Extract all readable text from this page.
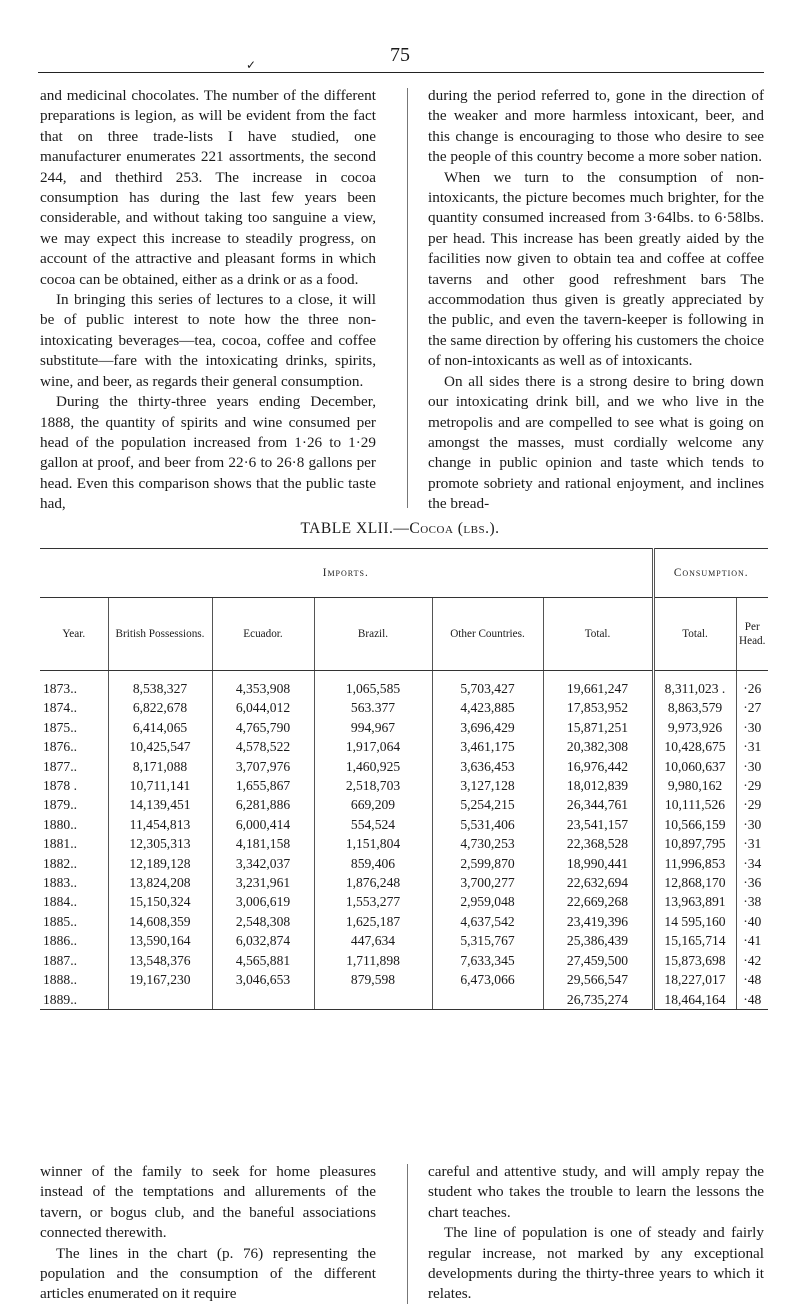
75
✓

and medicinal chocolates. The number of the different preparations is legion, as will be evident from the fact that on three trade-lists I have studied, one manufacturer enumerates 221 assortments, the second 244, and thethird 253. The increase in cocoa consumption has during the last few years been considerable, and without taking too sanguine a view, we may expect this increase to steadily progress, on account of the attractive and pleasant forms in which cocoa can be obtained, either as a drink or as a food.

In bringing this series of lectures to a close, it will be of public interest to note how the three non-intoxicating beverages—tea, cocoa, coffee and coffee substitute—fare with the intoxicating drinks, spirits, wine, and beer, as regards their general consumption.

During the thirty-three years ending December, 1888, the quantity of spirits and wine consumed per head of the population increased from 1·26 to 1·29 gallon at proof, and beer from 22·6 to 26·8 gallons per head. Even this comparison shows that the public taste had,

during the period referred to, gone in the direction of the weaker and more harmless intoxicant, beer, and this change is encouraging to those who desire to see the people of this country become a more sober nation.

When we turn to the consumption of non-intoxicants, the picture becomes much brighter, for the quantity consumed increased from 3·64lbs. to 6·58lbs. per head. This increase has been greatly aided by the facilities now given to obtain tea and coffee at coffee taverns and other good refreshment bars The accommodation thus given is greatly appreciated by the public, and even the tavern-keeper is following in the same direction by offering his customers the choice of non-intoxicants as well as of intoxicants.

On all sides there is a strong desire to bring down our intoxicating drink bill, and we who live in the metropolis and are compelled to see what is going on amongst the masses, must cordially welcome any change in public opinion and taste which tends to promote sobriety and rational enjoyment, and inclines the bread-

TABLE XLII.—Cocoa (lbs.).
Imports.						Consumption.	
Year.	British Possessions.	Ecuador.	Brazil.	Other Countries.	Total.	Total.	Per Head.
1873..	8,538,327	4,353,908	1,065,585	5,703,427	19,661,247	8,311,023 .	·26
1874..	6,822,678	6,044,012	563.377	4,423,885	17,853,952	8,863,579	·27
1875..	6,414,065	4,765,790	994,967	3,696,429	15,871,251	9,973,926	·30
1876..	10,425,547	4,578,522	1,917,064	3,461,175	20,382,308	10,428,675	·31
1877..	8,171,088	3,707,976	1,460,925	3,636,453	16,976,442	10,060,637	·30
1878 .	10,711,141	1,655,867	2,518,703	3,127,128	18,012,839	9,980,162	·29
1879..	14,139,451	6,281,886	669,209	5,254,215	26,344,761	10,111,526	·29
1880..	11,454,813	6,000,414	554,524	5,531,406	23,541,157	10,566,159	·30
1881..	12,305,313	4,181,158	1,151,804	4,730,253	22,368,528	10,897,795	·31
1882..	12,189,128	3,342,037	859,406	2,599,870	18,990,441	11,996,853	·34
1883..	13,824,208	3,231,961	1,876,248	3,700,277	22,632,694	12,868,170	·36
1884..	15,150,324	3,006,619	1,553,277	2,959,048	22,669,268	13,963,891	·38
1885..	14,608,359	2,548,308	1,625,187	4,637,542	23,419,396	14 595,160	·40
1886..	13,590,164	6,032,874	447,634	5,315,767	25,386,439	15,165,714	·41
1887..	13,548,376	4,565,881	1,711,898	7,633,345	27,459,500	15,873,698	·42
1888..	19,167,230	3,046,653	879,598	6,473,066	29,566,547	18,227,017	·48
1889..					26,735,274	18,464,164	·48

winner of the family to seek for home pleasures instead of the temptations and allurements of the tavern, or bogus club, and the baneful associations connected therewith.

The lines in the chart (p. 76) representing the population and the consumption of the different articles enumerated on it require

careful and attentive study, and will amply repay the student who takes the trouble to learn the lessons the chart teaches.

The line of population is one of steady and fairly regular increase, not marked by any exceptional developments during the thirty-three years to which it relates.
